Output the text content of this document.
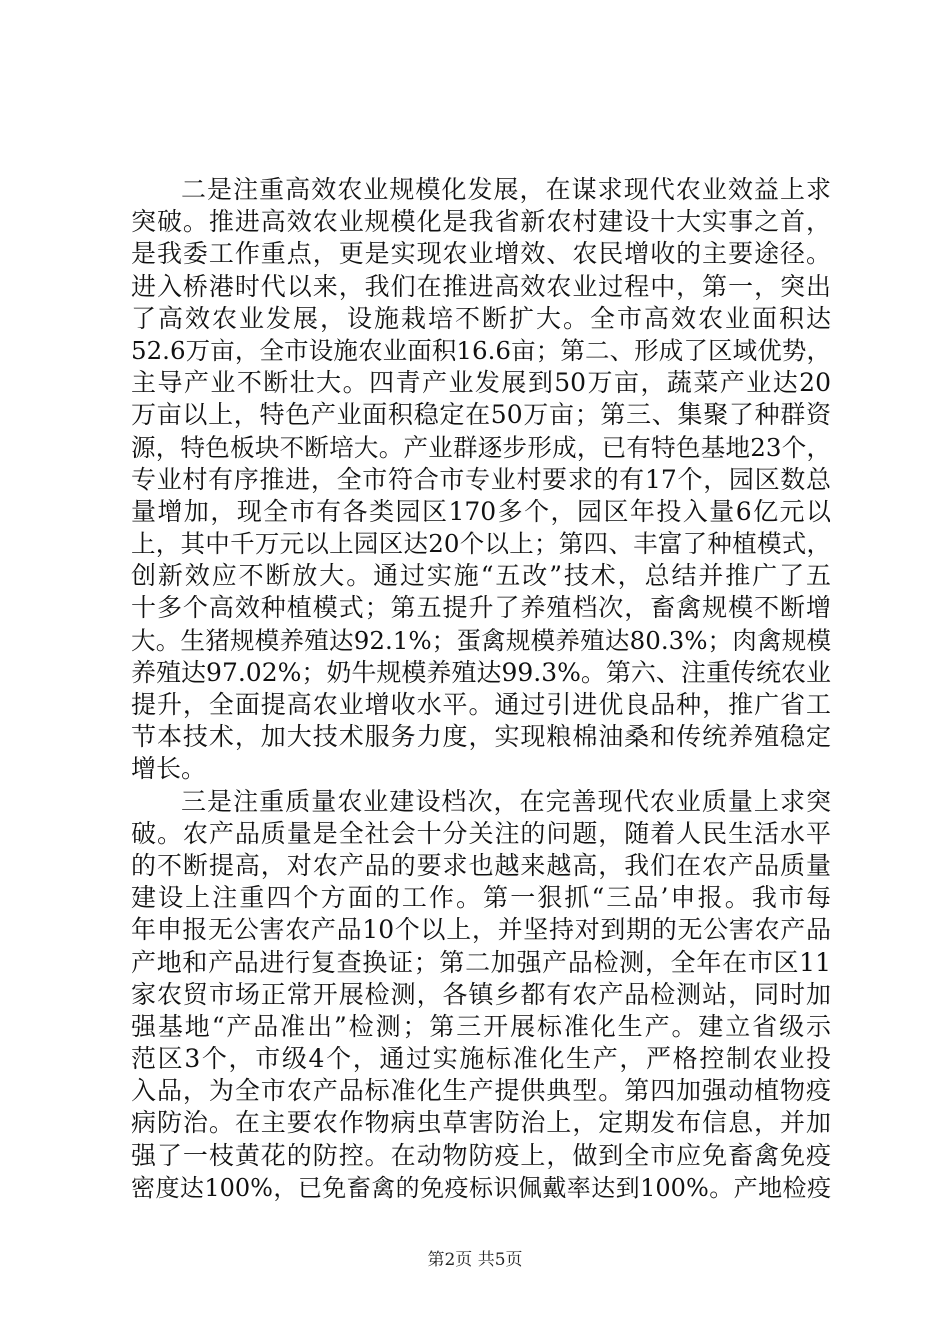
二是注重高效农业规模化发展，在谋求现代农业效益上求
突破。推进高效农业规模化是我省新农村建设十大实事之首，
是我委工作重点，更是实现农业增效、农民增收的主要途径。
进入桥港时代以来，我们在推进高效农业过程中，第一，突出
了高效农业发展，设施栽培不断扩大。全市高效农业面积达
52.6万亩，全市设施农业面积16.6亩；第二、形成了区域优势，
主导产业不断壮大。四青产业发展到50万亩，蔬菜产业达20
万亩以上，特色产业面积稳定在50万亩；第三、集聚了种群资
源，特色板块不断培大。产业群逐步形成，已有特色基地23个，
专业村有序推进，全市符合市专业村要求的有17个，园区数总
量增加，现全市有各类园区170多个，园区年投入量6亿元以
上，其中千万元以上园区达20个以上；第四、丰富了种植模式，
创新效应不断放大。通过实施“五改”技术，总结并推广了五
十多个高效种植模式；第五提升了养殖档次，畜禽规模不断增
大。生猪规模养殖达92.1%；蛋禽规模养殖达80.3%；肉禽规模
养殖达97.02%；奶牛规模养殖达99.3%。第六、注重传统农业
提升，全面提高农业增收水平。通过引进优良品种，推广省工
节本技术，加大技术服务力度，实现粮棉油桑和传统养殖稳定
增长。
三是注重质量农业建设档次，在完善现代农业质量上求突
破。农产品质量是全社会十分关注的问题，随着人民生活水平
的不断提高，对农产品的要求也越来越高，我们在农产品质量
建设上注重四个方面的工作。第一狠抓“三品’申报。我市每
年申报无公害农产品10个以上，并坚持对到期的无公害农产品
产地和产品进行复查换证；第二加强产品检测，全年在市区11
家农贸市场正常开展检测，各镇乡都有农产品检测站，同时加
强基地“产品准出”检测；第三开展标准化生产。建立省级示
范区3个，市级4个，通过实施标准化生产，严格控制农业投
入品，为全市农产品标准化生产提供典型。第四加强动植物疫
病防治。在主要农作物病虫草害防治上，定期发布信息，并加
强了一枝黄花的防控。在动物防疫上，做到全市应免畜禽免疫
密度达100%，已免畜禽的免疫标识佩戴率达到100%。产地检疫
第2页 共5页
